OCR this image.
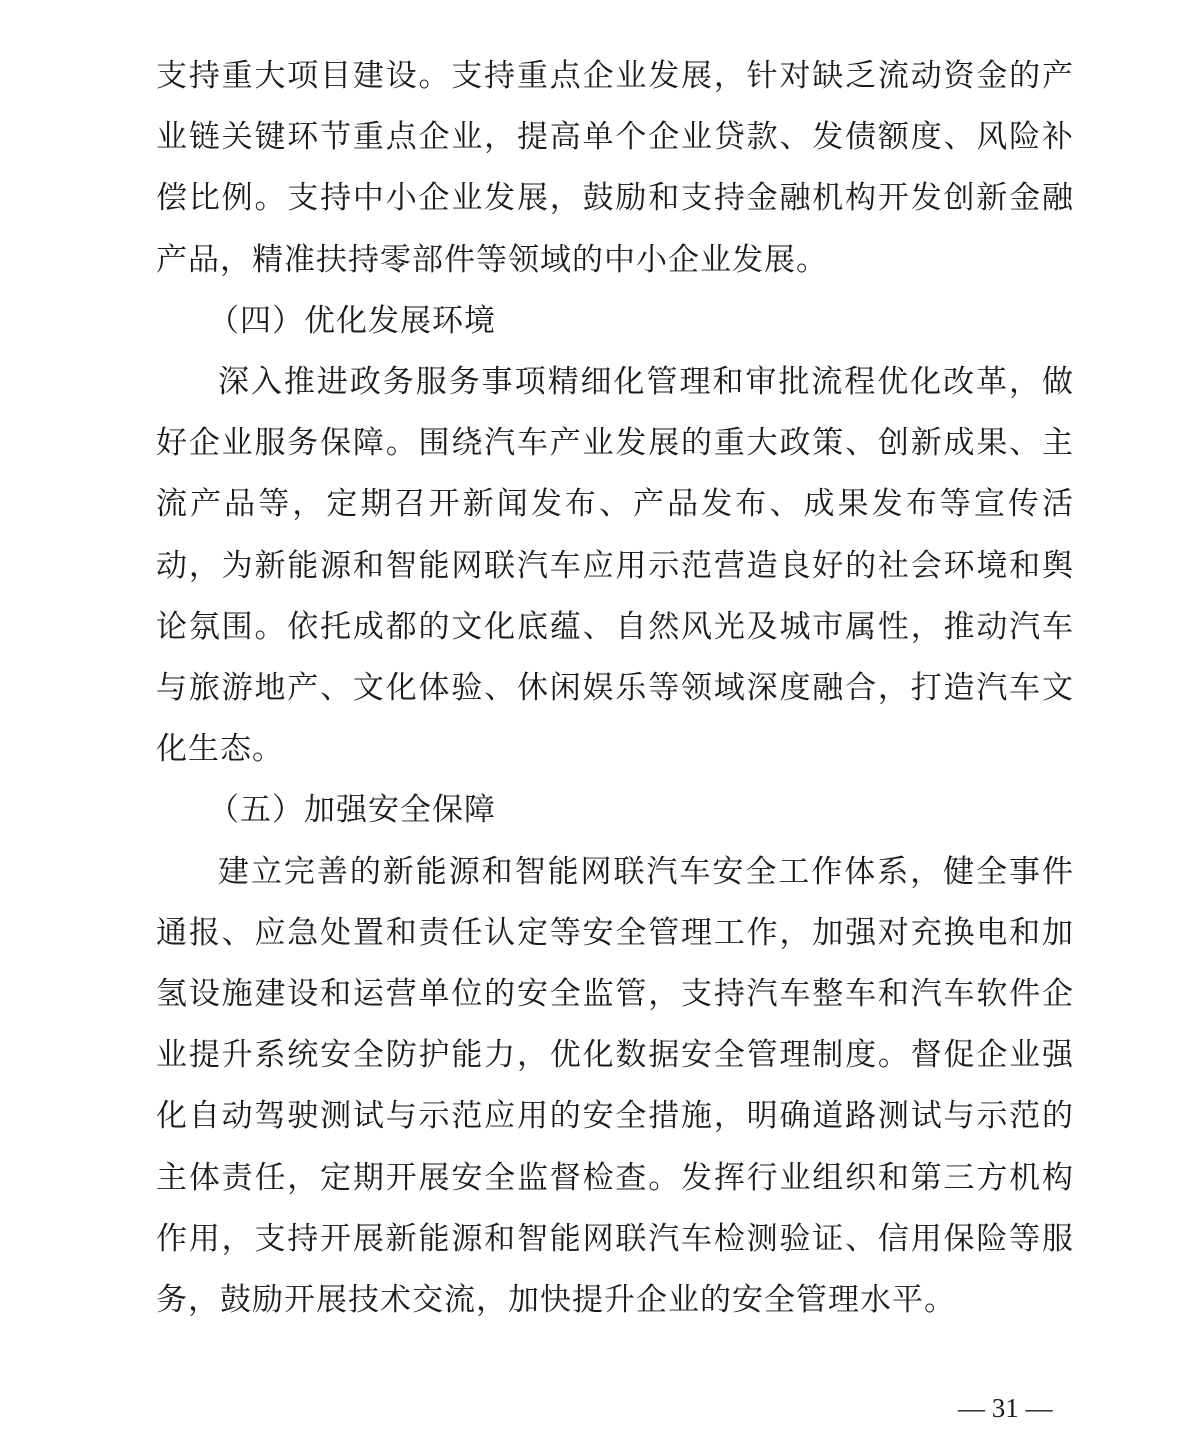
支持重大项目建设。支持重点企业发展，针对缺乏流动资金的产业链关键环节重点企业，提高单个企业贷款、发债额度、风险补偿比例。支持中小企业发展，鼓励和支持金融机构开发创新金融产品，精准扶持零部件等领域的中小企业发展。

（四）优化发展环境

深入推进政务服务事项精细化管理和审批流程优化改革，做好企业服务保障。围绕汽车产业发展的重大政策、创新成果、主流产品等，定期召开新闻发布、产品发布、成果发布等宣传活动，为新能源和智能网联汽车应用示范营造良好的社会环境和舆论氛围。依托成都的文化底蕴、自然风光及城市属性，推动汽车与旅游地产、文化体验、休闲娱乐等领域深度融合，打造汽车文化生态。

（五）加强安全保障

建立完善的新能源和智能网联汽车安全工作体系，健全事件通报、应急处置和责任认定等安全管理工作，加强对充换电和加氢设施建设和运营单位的安全监管，支持汽车整车和汽车软件企业提升系统安全防护能力，优化数据安全管理制度。督促企业强化自动驾驶测试与示范应用的安全措施，明确道路测试与示范的主体责任，定期开展安全监督检查。发挥行业组织和第三方机构作用，支持开展新能源和智能网联汽车检测验证、信用保险等服务，鼓励开展技术交流，加快提升企业的安全管理水平。

— 31 —
